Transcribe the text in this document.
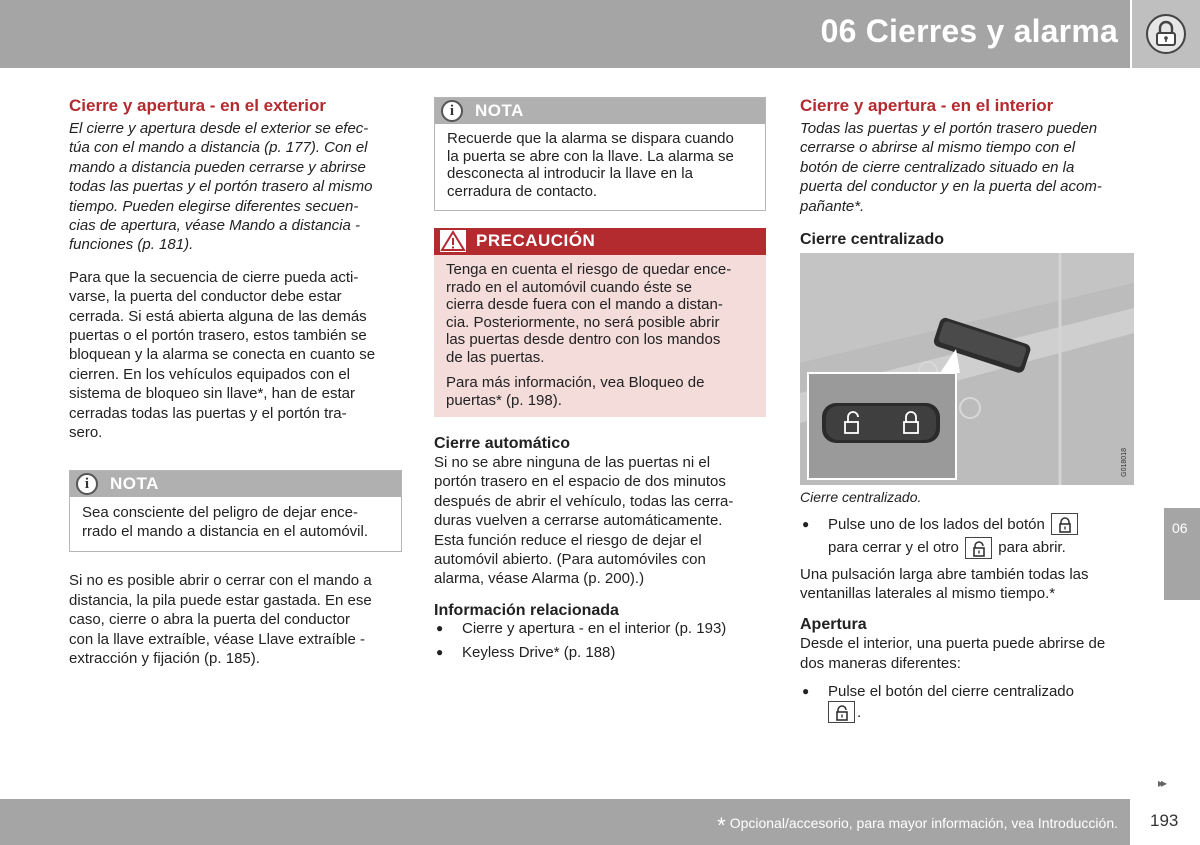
06 Cierres y alarma
06
Cierre y apertura - en el exterior

El cierre y apertura desde el exterior se efec-

túa con el mando a distancia (p. 177). Con el

mando a distancia pueden cerrarse y abrirse

todas las puertas y el portón trasero al mismo

tiempo. Pueden elegirse diferentes secuen-

cias de apertura, véase Mando a distancia -

funciones (p. 181).

Para que la secuencia de cierre pueda acti-

varse, la puerta del conductor debe estar

cerrada. Si está abierta alguna de las demás

puertas o el portón trasero, estos también se

bloquean y la alarma se conecta en cuanto se

cierren. En los vehículos equipados con el

sistema de bloqueo sin llave*, han de estar

cerradas todas las puertas y el portón tra-

sero.

i	NOTA

Sea consciente del peligro de dejar ence-

rrado el mando a distancia en el automóvil.

Si no es posible abrir o cerrar con el mando a

distancia, la pila puede estar gastada. En ese

caso, cierre o abra la puerta del conductor

con la llave extraíble, véase Llave extraíble -

extracción y fijación (p. 185).

i	NOTA

Recuerde que la alarma se dispara cuando

la puerta se abre con la llave. La alarma se

desconecta al introducir la llave en la

cerradura de contacto.

PRECAUCIÓN

Tenga en cuenta el riesgo de quedar ence-

rrado en el automóvil cuando éste se

cierra desde fuera con el mando a distan-

cia. Posteriormente, no será posible abrir

las puertas desde dentro con los mandos

de las puertas.

Para más información, vea Bloqueo de

puertas* (p. 198).

Cierre automático

Si no se abre ninguna de las puertas ni el

portón trasero en el espacio de dos minutos

después de abrir el vehículo, todas las cerra-

duras vuelven a cerrarse automáticamente.

Esta función reduce el riesgo de dejar el

automóvil abierto. (Para automóviles con

alarma, véase Alarma (p. 200).)

Información relacionada
● Cierre y apertura - en el interior (p. 193)
● Keyless Drive* (p. 188)
Cierre y apertura - en el interior

Todas las puertas y el portón trasero pueden

cerrarse o abrirse al mismo tiempo con el

botón de cierre centralizado situado en la

puerta del conductor y en la puerta del acom-

pañante*.

Cierre centralizado
G018018

Cierre centralizado.

● Pulse uno de los lados del botón

para cerrar y el otro	para abrir.

Una pulsación larga abre también todas las

ventanillas laterales al mismo tiempo.*

Apertura

Desde el interior, una puerta puede abrirse de

dos maneras diferentes:

● Pulse el botón del cierre centralizado

.
▸▸
* Opcional/accesorio, para mayor información, vea Introducción. 193
